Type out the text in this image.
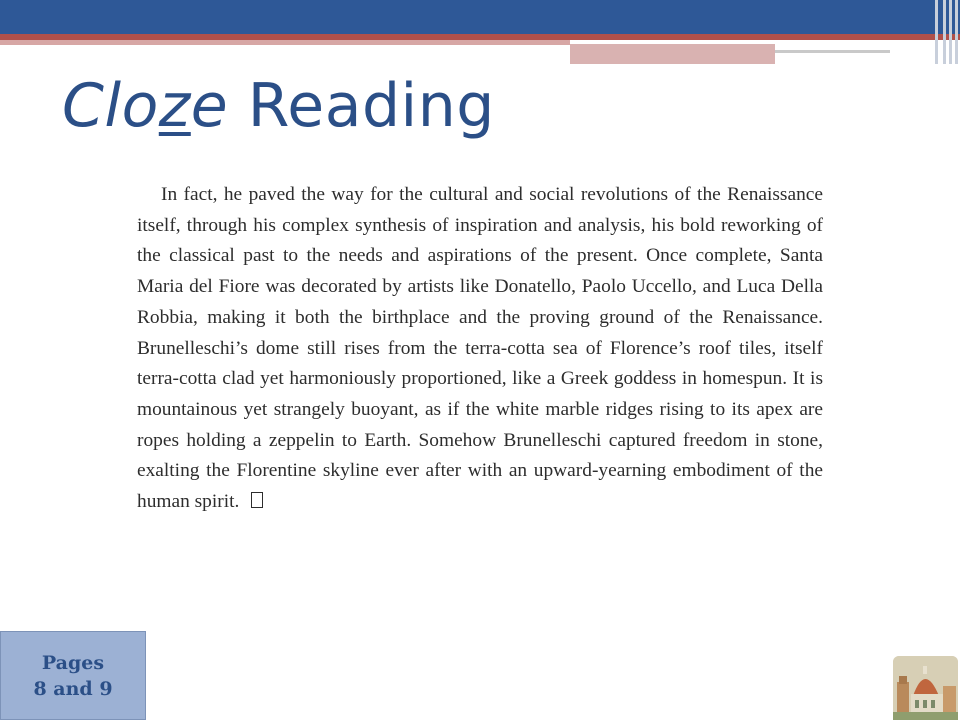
Cloze Reading
In fact, he paved the way for the cultural and social revolutions of the Renaissance itself, through his complex synthesis of inspiration and analysis, his bold reworking of the classical past to the needs and aspirations of the present. Once complete, Santa Maria del Fiore was decorated by artists like Donatello, Paolo Uccello, and Luca Della Robbia, making it both the birthplace and the proving ground of the Renaissance. Brunelleschi’s dome still rises from the terra-cotta sea of Florence’s roof tiles, itself terra-cotta clad yet harmoniously proportioned, like a Greek goddess in homespun. It is mountainous yet strangely buoyant, as if the white marble ridges rising to its apex are ropes holding a zeppelin to Earth. Somehow Brunelleschi captured freedom in stone, exalting the Florentine skyline ever after with an upward-yearning embodiment of the human spirit.
Pages
8 and 9
